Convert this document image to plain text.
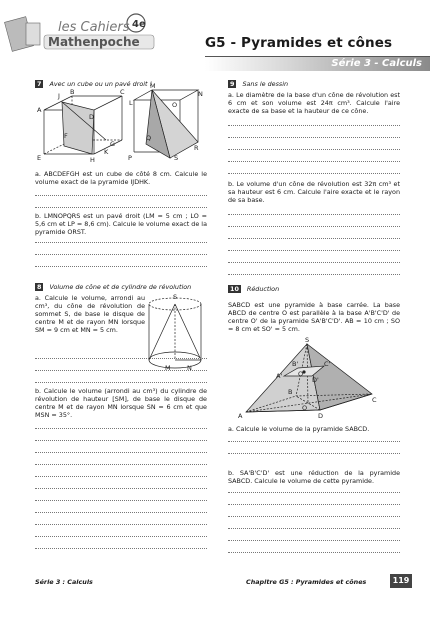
4e
les Cahiers
Mathenpoche	G5 - Pyramides et cônes
Série 3 - Calculs
7	Avec un cube ou un pavé droit !
B	C
A
D
F
G
E	H
K
J
M
N
L	O
Q
R
P	S
a. ABCDEFGH est un cube de côté 8 cm. Calcule le volume exact de la pyramide IJDHK.
b. LMNOPQRS est un pavé droit (LM = 5 cm ; LO = 5,6 cm et LP = 8,6 cm). Calcule le volume exact de la pyramide ORST.
8	Volume de cône et de cylindre de révolution
a. Calcule le volume, arrondi au cm³, du cône de révolution de sommet S, de base le disque de centre M et de rayon MN lorsque SM = 9 cm et MN = 5 cm.
S
M	N
b. Calcule le volume (arrondi au cm³) du cylindre de révolution de hauteur [SM], de base le disque de centre M et de rayon MN lorsque SN = 6 cm et que MSN = 35°.
9	Sans le dessin
a. Le diamètre de la base d'un cône de révolution est 6 cm et son volume est 24π cm³. Calcule l'aire exacte de sa base et la hauteur de ce cône.
b. Le volume d'un cône de révolution est 32π cm³ et sa hauteur est 6 cm. Calcule l'aire exacte et le rayon de sa base.
10	Réduction
SABCD est une pyramide à base carrée. La base ABCD de centre O est parallèle à la base A'B'C'D' de centre O' de la pyramide SA'B'C'D'. AB = 10 cm ; SO = 8 cm et SO' = 5 cm.
S
A'
B'	C'
D'
O'
A
B
C
D
O
a. Calcule le volume de la pyramide SABCD.
b. SA'B'C'D' est une réduction de la pyramide SABCD. Calcule le volume de cette pyramide.
Série 3 : Calculs	Chapitre G5 : Pyramides et cônes	119
